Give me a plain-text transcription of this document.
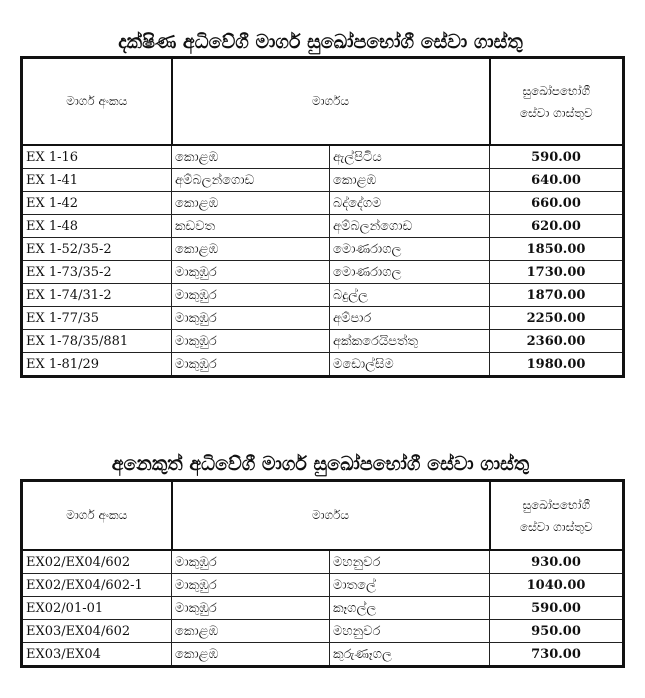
දක්ෂිණ අධිවේගී මාර්ග සුඛෝපභෝගී සේවා ගාස්තු
මාර්ග අංකය	මාර්ගය		සුඛෝපභෝගී
සේවා ගාස්තුව
EX 1-16	කොළඹ	ඇල්පිටිය	590.00
EX 1-41	අම්බලන්ගොඩ	කොළඹ	640.00
EX 1-42	කොළඹ	බද්දේගම	660.00
EX 1-48	කඩවත	අම්බලන්ගොඩ	620.00
EX 1-52/35-2	කොළඹ	මොණරාගල	1850.00
EX 1-73/35-2	මාකුඹුර	මොණරාගල	1730.00
EX 1-74/31-2	මාකුඹුර	බදුල්ල	1870.00
EX 1-77/35	මාකුඹුර	අම්පාර	2250.00
EX 1-78/35/881	මාකුඹුර	අක්කරෙයිපත්තු	2360.00
EX 1-81/29	මාකුඹුර	මඩොල්සිම	1980.00
අනෙකුත් අධිවේගී මාර්ග සුඛෝපභෝගී සේවා ගාස්තු
මාර්ග අංකය	මාර්ගය		සුඛෝපභෝගී
සේවා ගාස්තුව
EX02/EX04/602	මාකුඹුර	මහනුවර	930.00
EX02/EX04/602-1	මාකුඹුර	මාතලේ	1040.00
EX02/01-01	මාකුඹුර	කෑගල්ල	590.00
EX03/EX04/602	කොළඹ	මහනුවර	950.00
EX03/EX04	කොළඹ	කුරුණෑගල	730.00
